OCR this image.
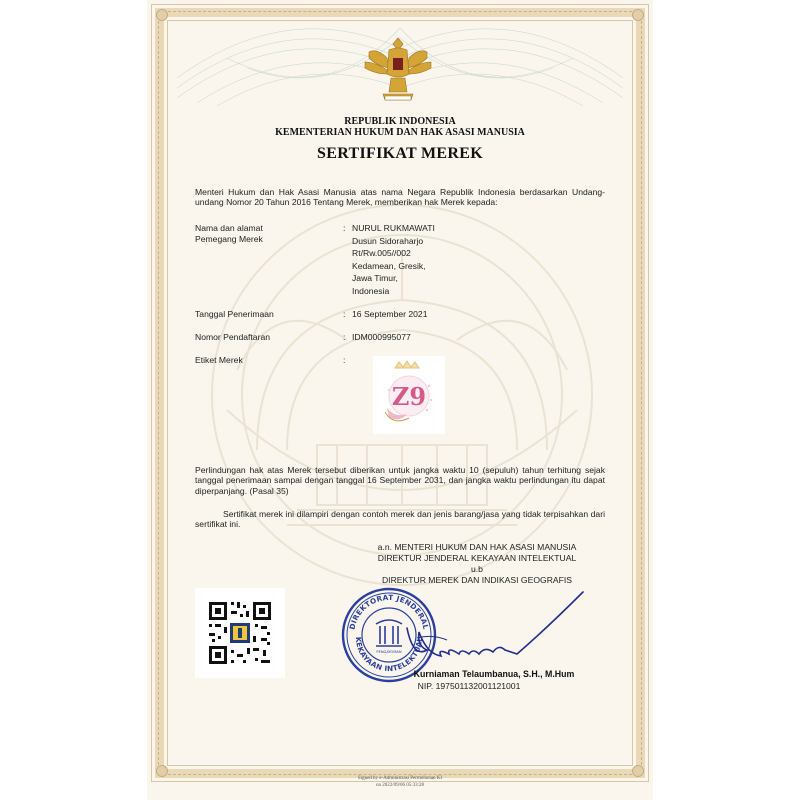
REPUBLIK INDONESIA
KEMENTERIAN HUKUM DAN HAK ASASI MANUSIA
SERTIFIKAT MEREK
Menteri Hukum dan Hak Asasi Manusia atas nama Negara Republik Indonesia berdasarkan Undang-undang Nomor 20 Tahun 2016 Tentang Merek, memberikan hak Merek kepada:
Nama dan alamat
Pemegang Merek
: NURUL RUKMAWATI
Dusun Sidoraharjo
Rt/Rw.005//002
Kedamean, Gresik,
Jawa Timur,
Indonesia
Tanggal Penerimaan	: 16 September 2021
Nomor Pendaftaran	: IDM000995077
Etiket Merek	:
Z9
Perlindungan hak atas Merek tersebut diberikan untuk jangka waktu 10 (sepuluh) tahun terhitung sejak tanggal penerimaan sampai dengan tanggal 16 September 2031, dan jangka waktu perlindungan itu dapat diperpanjang. (Pasal 35)
Sertifikat merek ini dilampiri dengan contoh merek dan jenis barang/jasa yang tidak terpisahkan dari sertifikat ini.
a.n. MENTERI HUKUM DAN HAK ASASI MANUSIA
DIREKTUR JENDERAL KEKAYAAN INTELEKTUAL
u.b
DIREKTUR MEREK DAN INDIKASI GEOGRAFIS
DIREKTORAT JENDERAL
KEKAYAAN INTELEKTUAL
PENGAYOMAN
Kurniaman Telaumbanua, S.H., M.Hum
NIP. 197501132001121001
Signed by e-Administrasi Permohonan KI
on 2022/09/06 05:33:28
